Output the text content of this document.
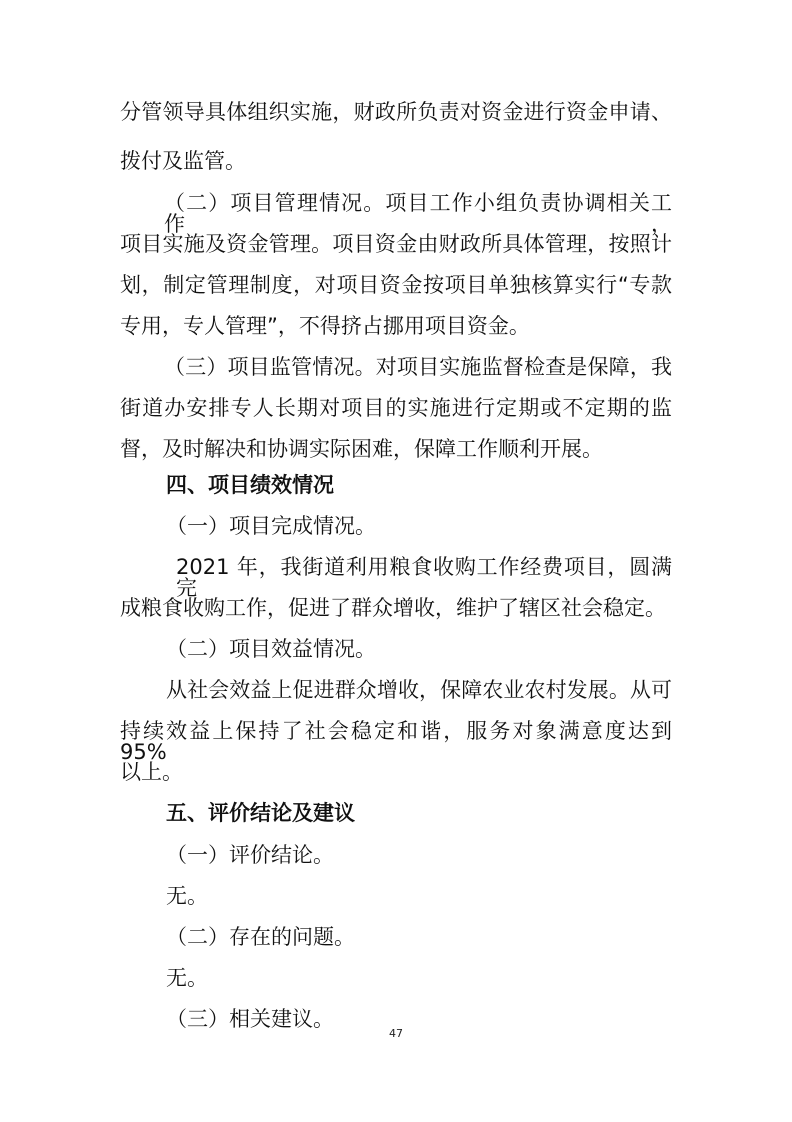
分管领导具体组织实施，财政所负责对资金进行资金申请、
拨付及监管。
（二）项目管理情况。项目工作小组负责协调相关工作，
项目实施及资金管理。项目资金由财政所具体管理，按照计
划，制定管理制度，对项目资金按项目单独核算实行“专款
专用，专人管理”，不得挤占挪用项目资金。
（三）项目监管情况。对项目实施监督检查是保障，我
街道办安排专人长期对项目的实施进行定期或不定期的监
督，及时解决和协调实际困难，保障工作顺利开展。
四、项目绩效情况
（一）项目完成情况。
2021 年，我街道利用粮食收购工作经费项目，圆满完
成粮食收购工作，促进了群众增收，维护了辖区社会稳定。
（二）项目效益情况。
从社会效益上促进群众增收，保障农业农村发展。从可
持续效益上保持了社会稳定和谐，服务对象满意度达到 95%
以上。
五、评价结论及建议
（一）评价结论。
无。
（二）存在的问题。
无。
（三）相关建议。
47
